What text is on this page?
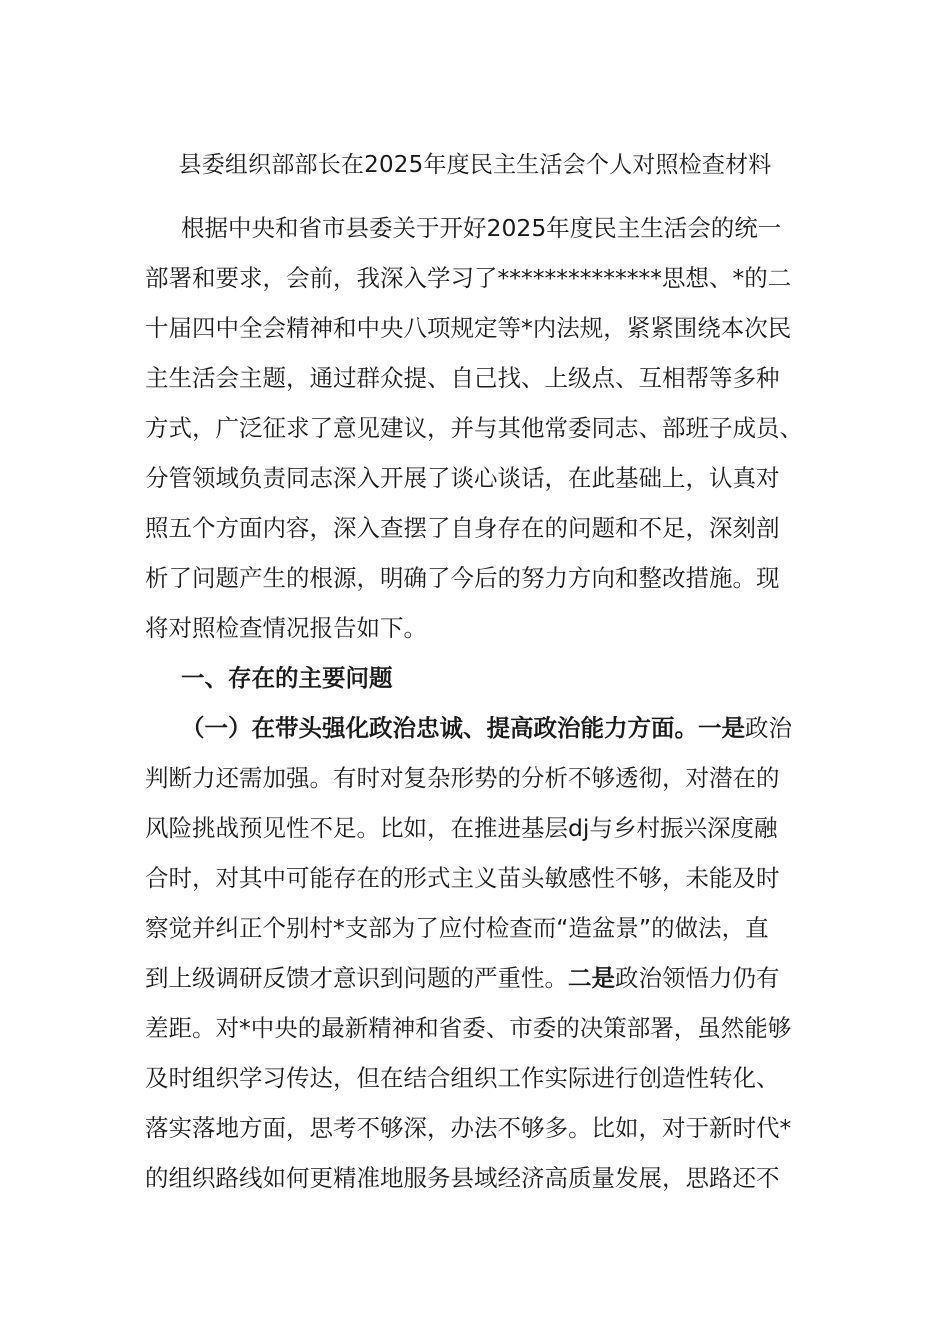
县委组织部部长在2025年度民主生活会个人对照检查材料
根据中央和省市县委关于开好2025年度民主生活会的统一
部署和要求，会前，我深入学习了**************思想、*的二
十届四中全会精神和中央八项规定等*内法规，紧紧围绕本次民
主生活会主题，通过群众提、自己找、上级点、互相帮等多种
方式，广泛征求了意见建议，并与其他常委同志、部班子成员、
分管领域负责同志深入开展了谈心谈话，在此基础上，认真对
照五个方面内容，深入查摆了自身存在的问题和不足，深刻剖
析了问题产生的根源，明确了今后的努力方向和整改措施。现
将对照检查情况报告如下。
一、存在的主要问题
（一）在带头强化政治忠诚、提高政治能力方面。一是政治
判断力还需加强。有时对复杂形势的分析不够透彻，对潜在的
风险挑战预见性不足。比如，在推进基层dj与乡村振兴深度融
合时，对其中可能存在的形式主义苗头敏感性不够，未能及时
察觉并纠正个别村*支部为了应付检查而“造盆景”的做法，直
到上级调研反馈才意识到问题的严重性。二是政治领悟力仍有
差距。对*中央的最新精神和省委、市委的决策部署，虽然能够
及时组织学习传达，但在结合组织工作实际进行创造性转化、
落实落地方面，思考不够深，办法不够多。比如，对于新时代*
的组织路线如何更精准地服务县域经济高质量发展，思路还不
